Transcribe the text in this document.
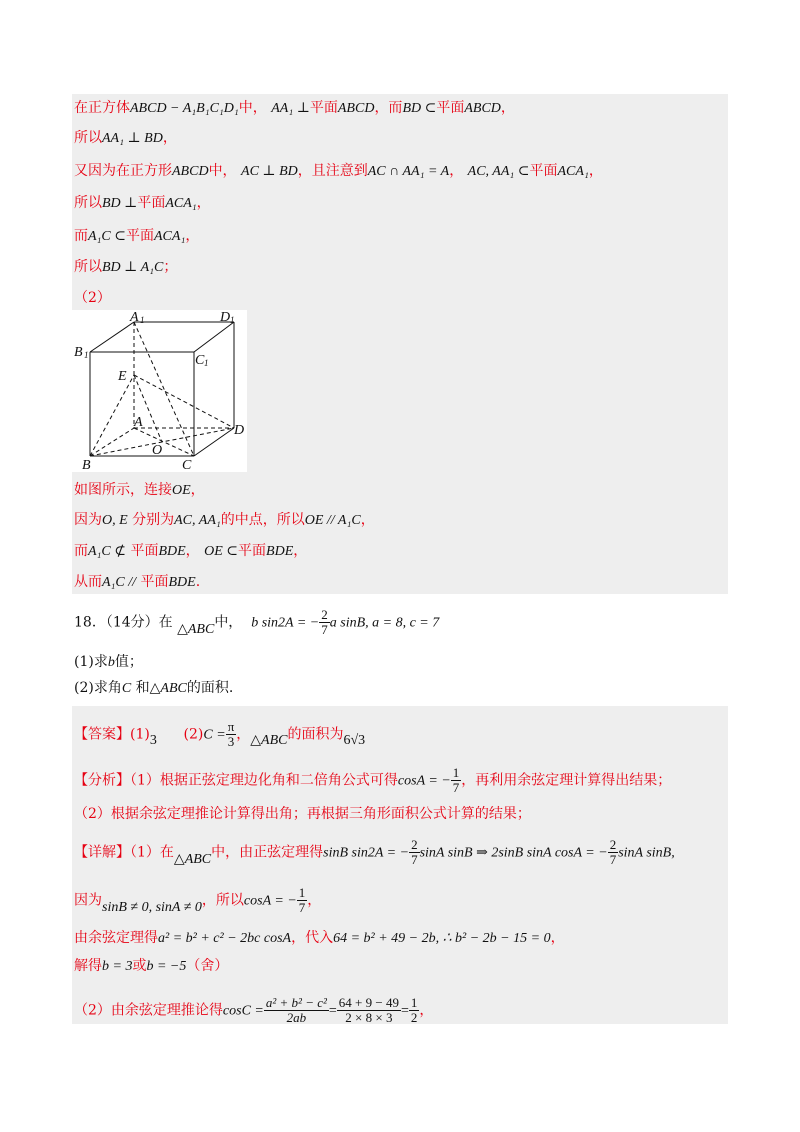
在正方体ABCD − A₁B₁C₁D₁中， AA₁ ⊥平面ABCD，而BD ⊂平面ABCD，
所以AA₁ ⊥ BD，
又因为在正方形ABCD中， AC ⊥ BD，且注意到AC ∩ AA₁ = A， AC, AA₁ ⊂平面ACA₁，
所以BD ⊥平面ACA₁，
而A₁C ⊂平面ACA₁，
所以BD ⊥ A₁C；
（2）
A 1	D 1
B 1	C 1
E
A
D
O
B	C
如图所示，连接OE，
因为O, E 分别为AC, AA₁的中点，所以OE // A₁C，
而A₁C ⊄ 平面BDE， OE ⊂平面BDE，
从而A₁C // 平面BDE.
18．（14分）在 △ABC中， b sin2A = − $\frac{2}{7}$ a sinB, a = 8, c = 7
(1)求b值；
(2)求角C 和△ABC的面积.
【答案】(1)3 $(2)C = \frac{\pi}{3}$ ，△ABC的面积为6√3
【分析】（1）根据正弦定理边化角和二倍角公式可得cosA = − $\frac{1}{7}$ ，再利用余弦定理计算得出结果；
（2）根据余弦定理推论计算得出角；再根据三角形面积公式计算的结果；
【详解】（1）在△ABC中，由正弦定理得sinB sin2A = − $\frac{2}{7}$ sinA sinB ⇒ 2sinB sinA cosA = − $\frac{2}{7}$ sinA sinB,
因为sinB ≠ 0, sinA ≠ 0，所以cosA = − $\frac{1}{7}$ ，
由余弦定理得a² = b² + c² − 2bc cosA，代入64 = b² + 49 − 2b, ∴ b² − 2b − 15 = 0，
解得b = 3或b = −5（舍）
（2）由余弦定理推论得$\cos C = \frac{\text{a² + b² − c²}}{2ab} = \frac{64 + 9 - 49}{2 \times 8 \times 3} = \frac{1}{2}$ ，
